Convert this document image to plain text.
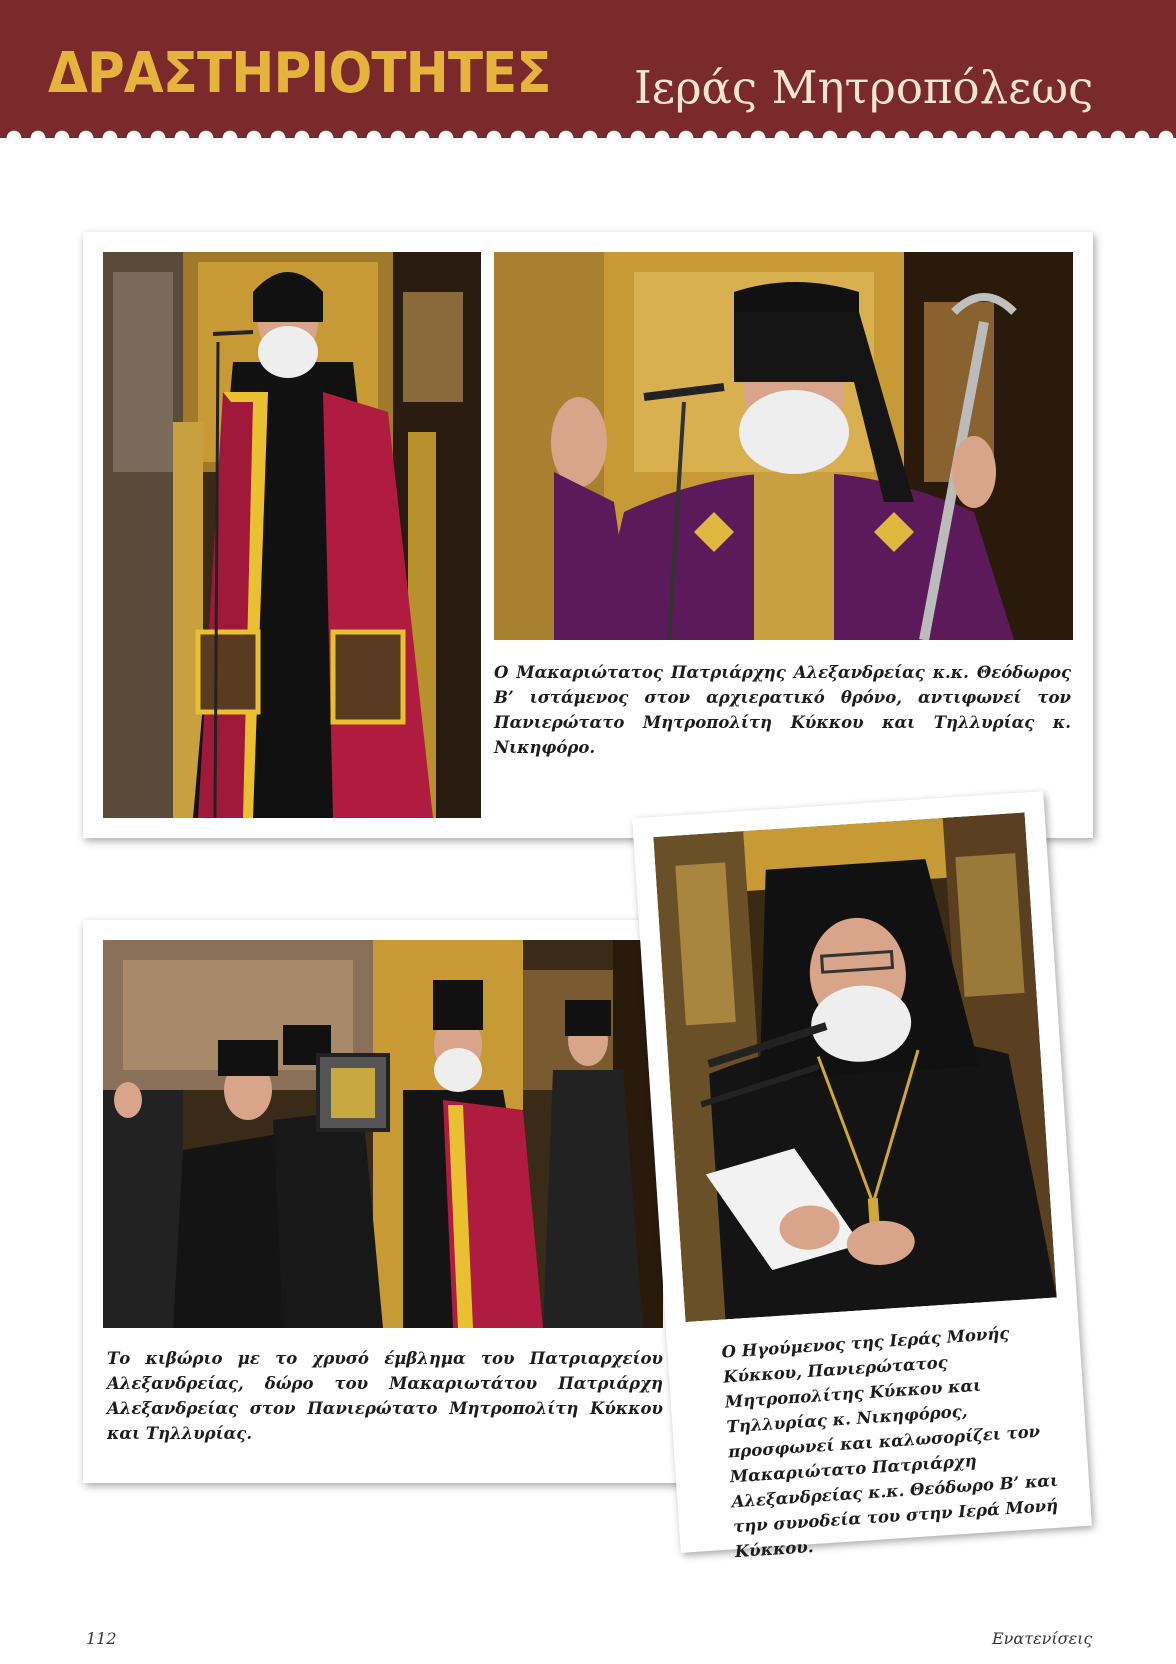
ΔΡΑΣΤΗΡΙΟΤΗΤΕΣ Ιεράς Μητροπόλεως

Ο Μακαριώτατος Πατριάρχης Αλεξανδρείας κ.κ. Θεόδωρος Β’ ιστάμενος στον αρχιερατικό θρόνο, αντιφωνεί τον Πανιερώτατο Μητροπολίτη Κύκκου και Τηλλυρίας κ. Νικηφόρο.

Το κιβώριο με το χρυσό έμβλημα του Πατριαρχείου Αλεξανδρείας, δώρο του Μακαριωτάτου Πατριάρχη Αλεξανδρείας στον Πανιερώτατο Μητροπολίτη Κύκκου και Τηλλυρίας.

Ο Ηγούμενος της Ιεράς Μονής Κύκκου, Πανιερώτατος Μητροπολίτης Κύκκου και Τηλλυρίας κ. Νικηφόρος, προσφωνεί και καλωσορίζει τον Μακαριώτατο Πατριάρχη Αλεξανδρείας κ.κ. Θεόδωρο Β’ και την συνοδεία του στην Ιερά Μονή Κύκκου.

112	Ενατενίσεις
